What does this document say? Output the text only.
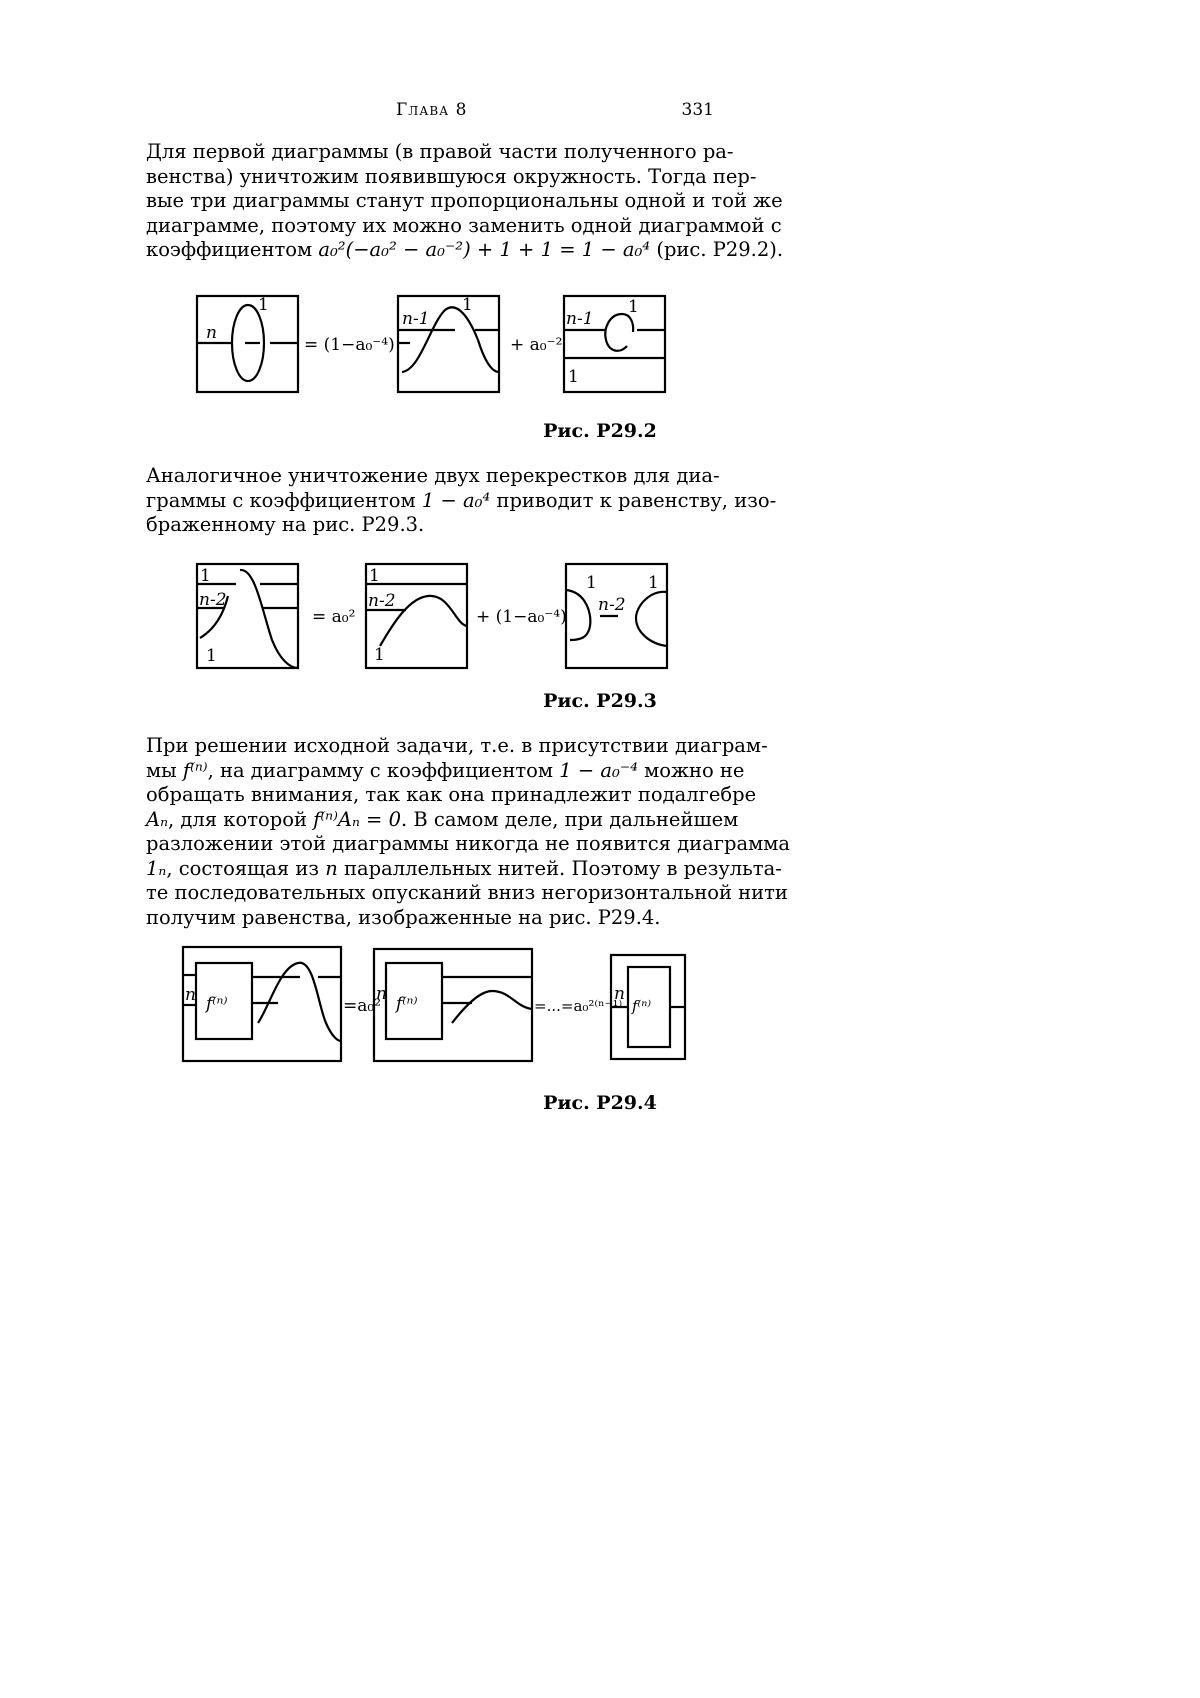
Глава 8	331
Для первой диаграммы (в правой части полученного ра-
венства) уничтожим появившуюся окружность. Тогда пер-
вые три диаграммы станут пропорциональны одной и той же
диаграмме, поэтому их можно заменить одной диаграммой с
коэффициентом a₀²(−a₀² − a₀⁻²) + 1 + 1 = 1 − a₀⁴ (рис. Р29.2).
n
1
n-1
1
n-1
1
1
= (1−a₀⁻⁴)	+ a₀⁻²
Рис. Р29.2
Аналогичное уничтожение двух перекрестков для диа-
граммы с коэффициентом 1 − a₀⁴ приводит к равенству, изо-
браженному на рис. Р29.3.
1
n-2
1
1
n-2
1
1	1
n-2
= a₀²	+ (1−a₀⁻⁴)
Рис. Р29.3
При решении исходной задачи, т.е. в присутствии диаграм-
мы f⁽ⁿ⁾, на диаграмму с коэффициентом 1 − a₀⁻⁴ можно не
обращать внимания, так как она принадлежит подалгебре
Aₙ, для которой f⁽ⁿ⁾Aₙ = 0. В самом деле, при дальнейшем
разложении этой диаграммы никогда не появится диаграмма
1ₙ, состоящая из n параллельных нитей. Поэтому в результа-
те последовательных опусканий вниз негоризонтальной нити
получим равенства, изображенные на рис. Р29.4.
n f⁽ⁿ⁾	=a₀²
n f⁽ⁿ⁾	=...=a₀²⁽ⁿ⁻¹⁾
n
f⁽ⁿ⁾
Рис. Р29.4
